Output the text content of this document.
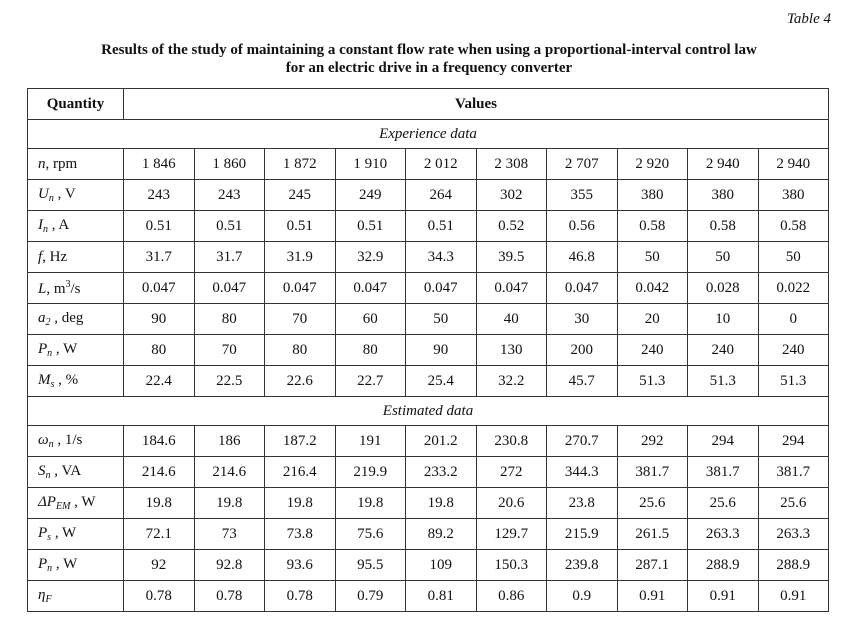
Table 4
Results of the study of maintaining a constant flow rate when using a proportional-interval control law
for an electric drive in a frequency converter
Quantity	Values									
Experience data										
n, rpm	1 846	1 860	1 872	1 910	2 012	2 308	2 707	2 920	2 940	2 940
$U_n$ , V	243	243	245	249	264	302	355	380	380	380
$I_n$ , A	0.51	0.51	0.51	0.51	0.51	0.52	0.56	0.58	0.58	0.58
f, Hz	31.7	31.7	31.9	32.9	34.3	39.5	46.8	50	50	50
L, $m^3/s$	0.047	0.047	0.047	0.047	0.047	0.047	0.047	0.042	0.028	0.022
$a_2$ , deg	90	80	70	60	50	40	30	20	10	0
$P_n$ , W	80	70	80	80	90	130	200	240	240	240
$M_s$ , %	22.4	22.5	22.6	22.7	25.4	32.2	45.7	51.3	51.3	51.3
Estimated data										
$\omega_n$ , 1/s	184.6	186	187.2	191	201.2	230.8	270.7	292	294	294
$S_n$ , VA	214.6	214.6	216.4	219.9	233.2	272	344.3	381.7	381.7	381.7
$\Delta P_{EM}$ , W	19.8	19.8	19.8	19.8	19.8	20.6	23.8	25.6	25.6	25.6
$P_s$ , W	72.1	73	73.8	75.6	89.2	129.7	215.9	261.5	263.3	263.3
$P_n$ , W	92	92.8	93.6	95.5	109	150.3	239.8	287.1	288.9	288.9
$\eta_F$	0.78	0.78	0.78	0.79	0.81	0.86	0.9	0.91	0.91	0.91
